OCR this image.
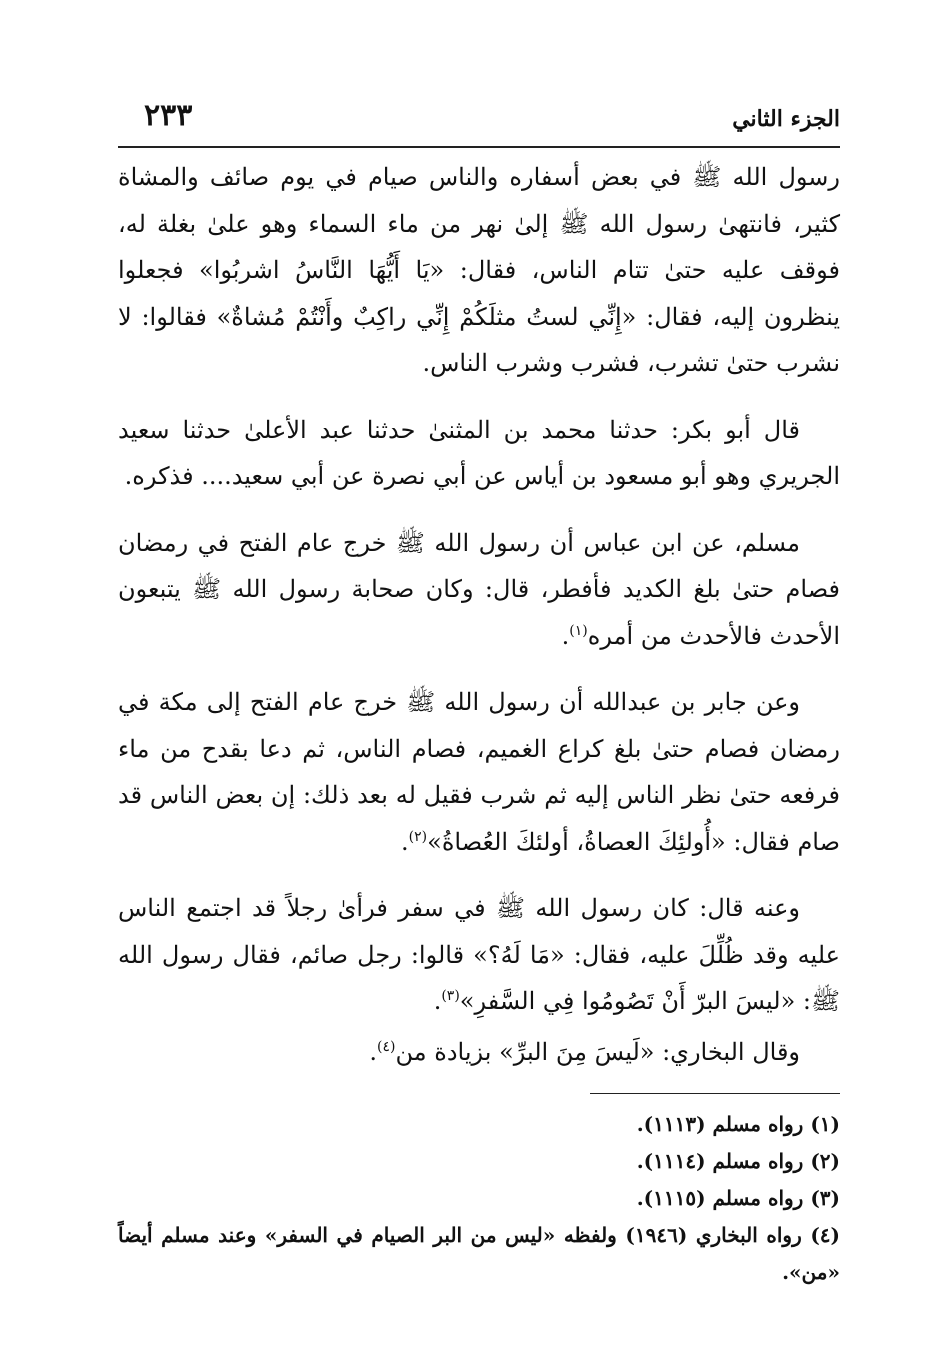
الجزء الثاني
٢٣٣

رسول الله ﷺ في بعض أسفاره والناس صيام في يوم صائف والمشاة كثير، فانتهىٰ رسول الله ﷺ إلىٰ نهر من ماء السماء وهو علىٰ بغلة له، فوقف عليه حتىٰ تتام الناس، فقال: «يَا أَيُّهَا النَّاسُ اشربُوا» فجعلوا ينظرون إليه، فقال: «إِنِّي لستُ مثلَكُمْ إِنِّي راكِبٌ وأَنْتُمْ مُشاةٌ» فقالوا: لا نشرب حتىٰ تشرب، فشرب وشرب الناس.

قال أبو بكر: حدثنا محمد بن المثنىٰ حدثنا عبد الأعلىٰ حدثنا سعيد الجريري وهو أبو مسعود بن أياس عن أبي نصرة عن أبي سعيد.... فذكره.

مسلم، عن ابن عباس أن رسول الله ﷺ خرج عام الفتح في رمضان فصام حتىٰ بلغ الكديد فأفطر، قال: وكان صحابة رسول الله ﷺ يتبعون الأحدث فالأحدث من أمره$^{(١)}$.

وعن جابر بن عبدالله أن رسول الله ﷺ خرج عام الفتح إلى مكة في رمضان فصام حتىٰ بلغ كراع الغميم، فصام الناس، ثم دعا بقدح من ماء فرفعه حتىٰ نظر الناس إليه ثم شرب فقيل له بعد ذلك: إن بعض الناس قد صام فقال: «أُولئِكَ العصاةُ، أولئكَ العُصاةُ»$^{(٢)}$.

وعنه قال: كان رسول الله ﷺ في سفر فرأىٰ رجلاً قد اجتمع الناس عليه وقد ظُلِّلَ عليه، فقال: «مَا لَهُ؟» قالوا: رجل صائم، فقال رسول الله ﷺ: «ليسَ البرّ أَنْ تَصُومُوا فِي السَّفرِ»$^{(٣)}$.

وقال البخاري: «لَيسَ مِنَ البرِّ» بزيادة من$^{(٤)}$.

(١) رواه مسلم (١١١٣).

(٢) رواه مسلم (١١١٤).

(٣) رواه مسلم (١١١٥).

(٤) رواه البخاري (١٩٤٦) ولفظه «ليس من البر الصيام في السفر» وعند مسلم أيضاً «من».
